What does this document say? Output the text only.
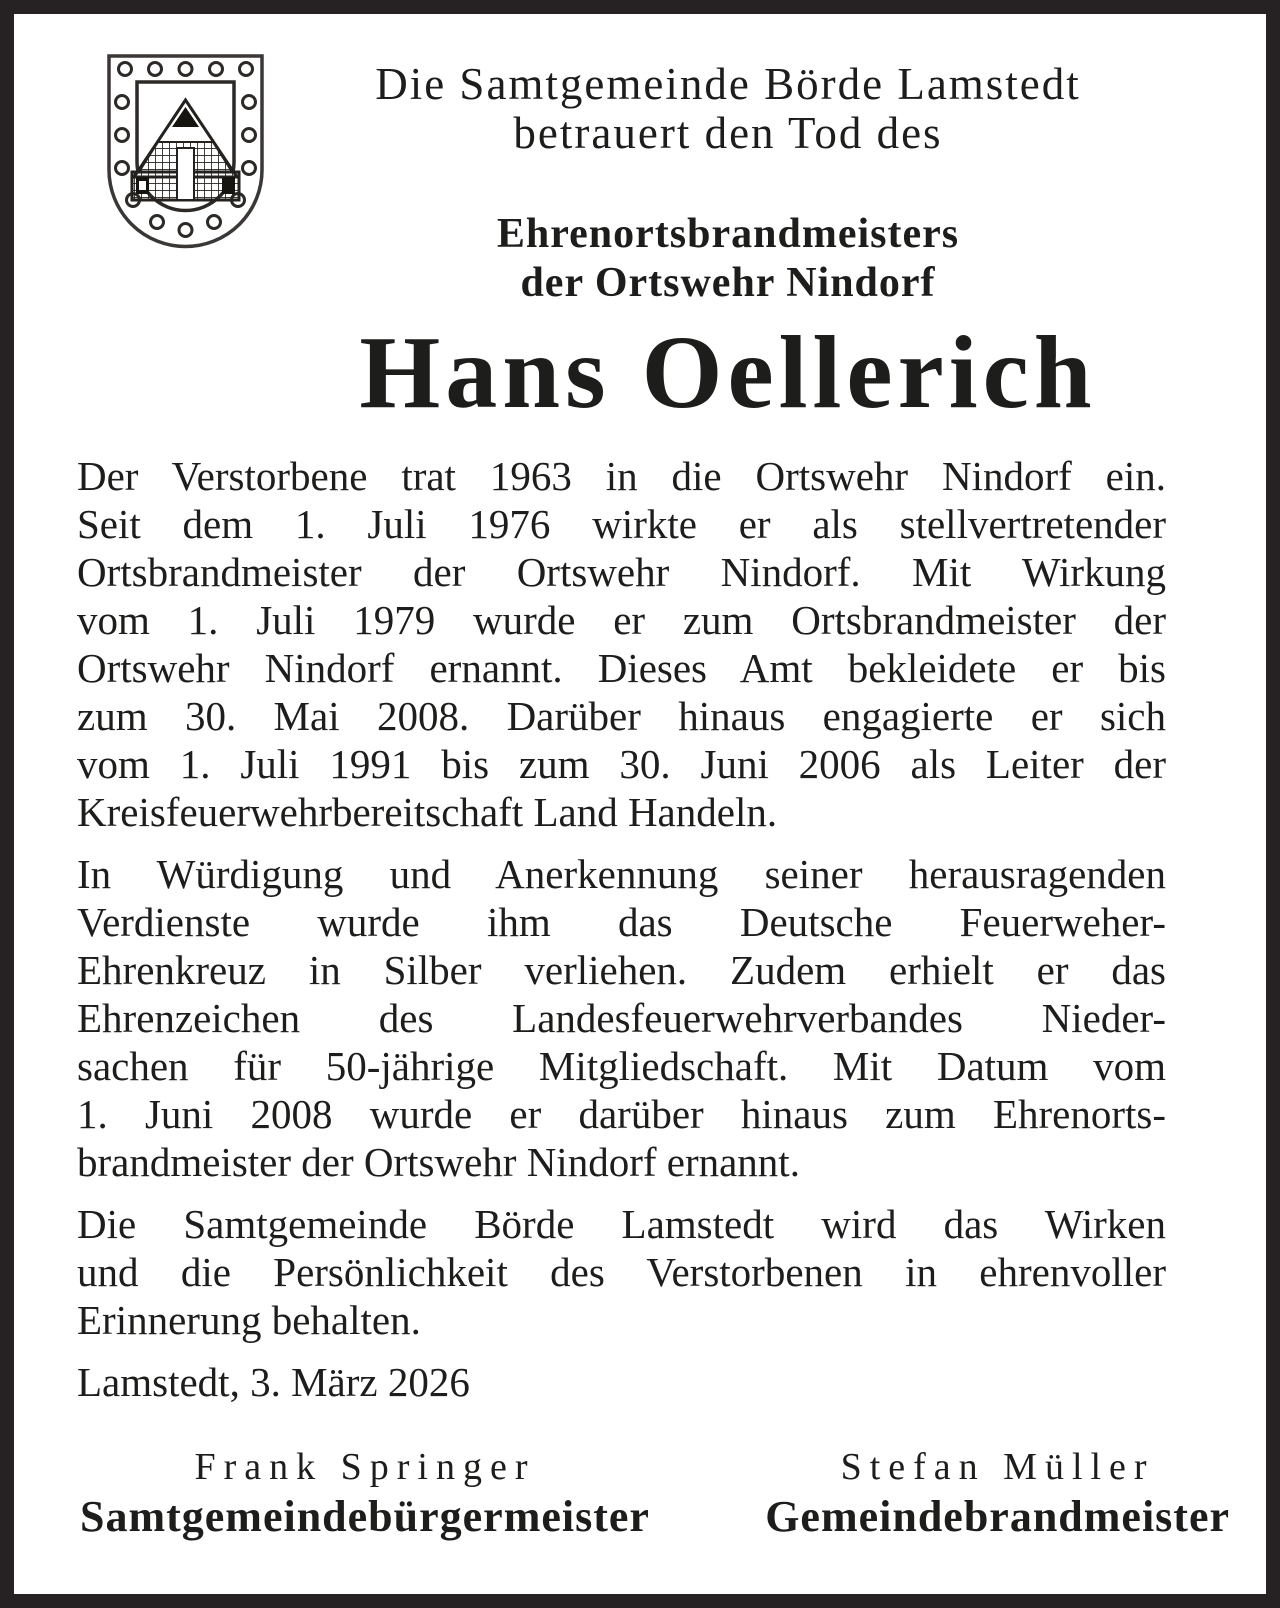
Die Samtgemeinde Börde Lamstedt
betrauert den Tod des
Ehrenortsbrandmeisters
der Ortswehr Nindorf
Hans Oellerich
Der Verstorbene trat 1963 in die Ortswehr Nindorf ein.
Seit dem 1. Juli 1976 wirkte er als stellvertretender
Ortsbrandmeister der Ortswehr Nindorf. Mit Wirkung
vom 1. Juli 1979 wurde er zum Ortsbrandmeister der
Ortswehr Nindorf ernannt. Dieses Amt bekleidete er bis
zum 30. Mai 2008. Darüber hinaus engagierte er sich
vom 1. Juli 1991 bis zum 30. Juni 2006 als Leiter der
Kreisfeuerwehrbereitschaft Land Handeln.
In Würdigung und Anerkennung seiner herausragenden
Verdienste wurde ihm das Deutsche Feuerweher-
Ehrenkreuz in Silber verliehen. Zudem erhielt er das
Ehrenzeichen des Landesfeuerwehrverbandes Nieder-
sachen für 50-jährige Mitgliedschaft. Mit Datum vom
1. Juni 2008 wurde er darüber hinaus zum Ehrenorts-
brandmeister der Ortswehr Nindorf ernannt.
Die Samtgemeinde Börde Lamstedt wird das Wirken
und die Persönlichkeit des Verstorbenen in ehrenvoller
Erinnerung behalten.
Lamstedt, 3. März 2026
Frank Springer
Samtgemeindebürgermeister
Stefan Müller
Gemeindebrandmeister
